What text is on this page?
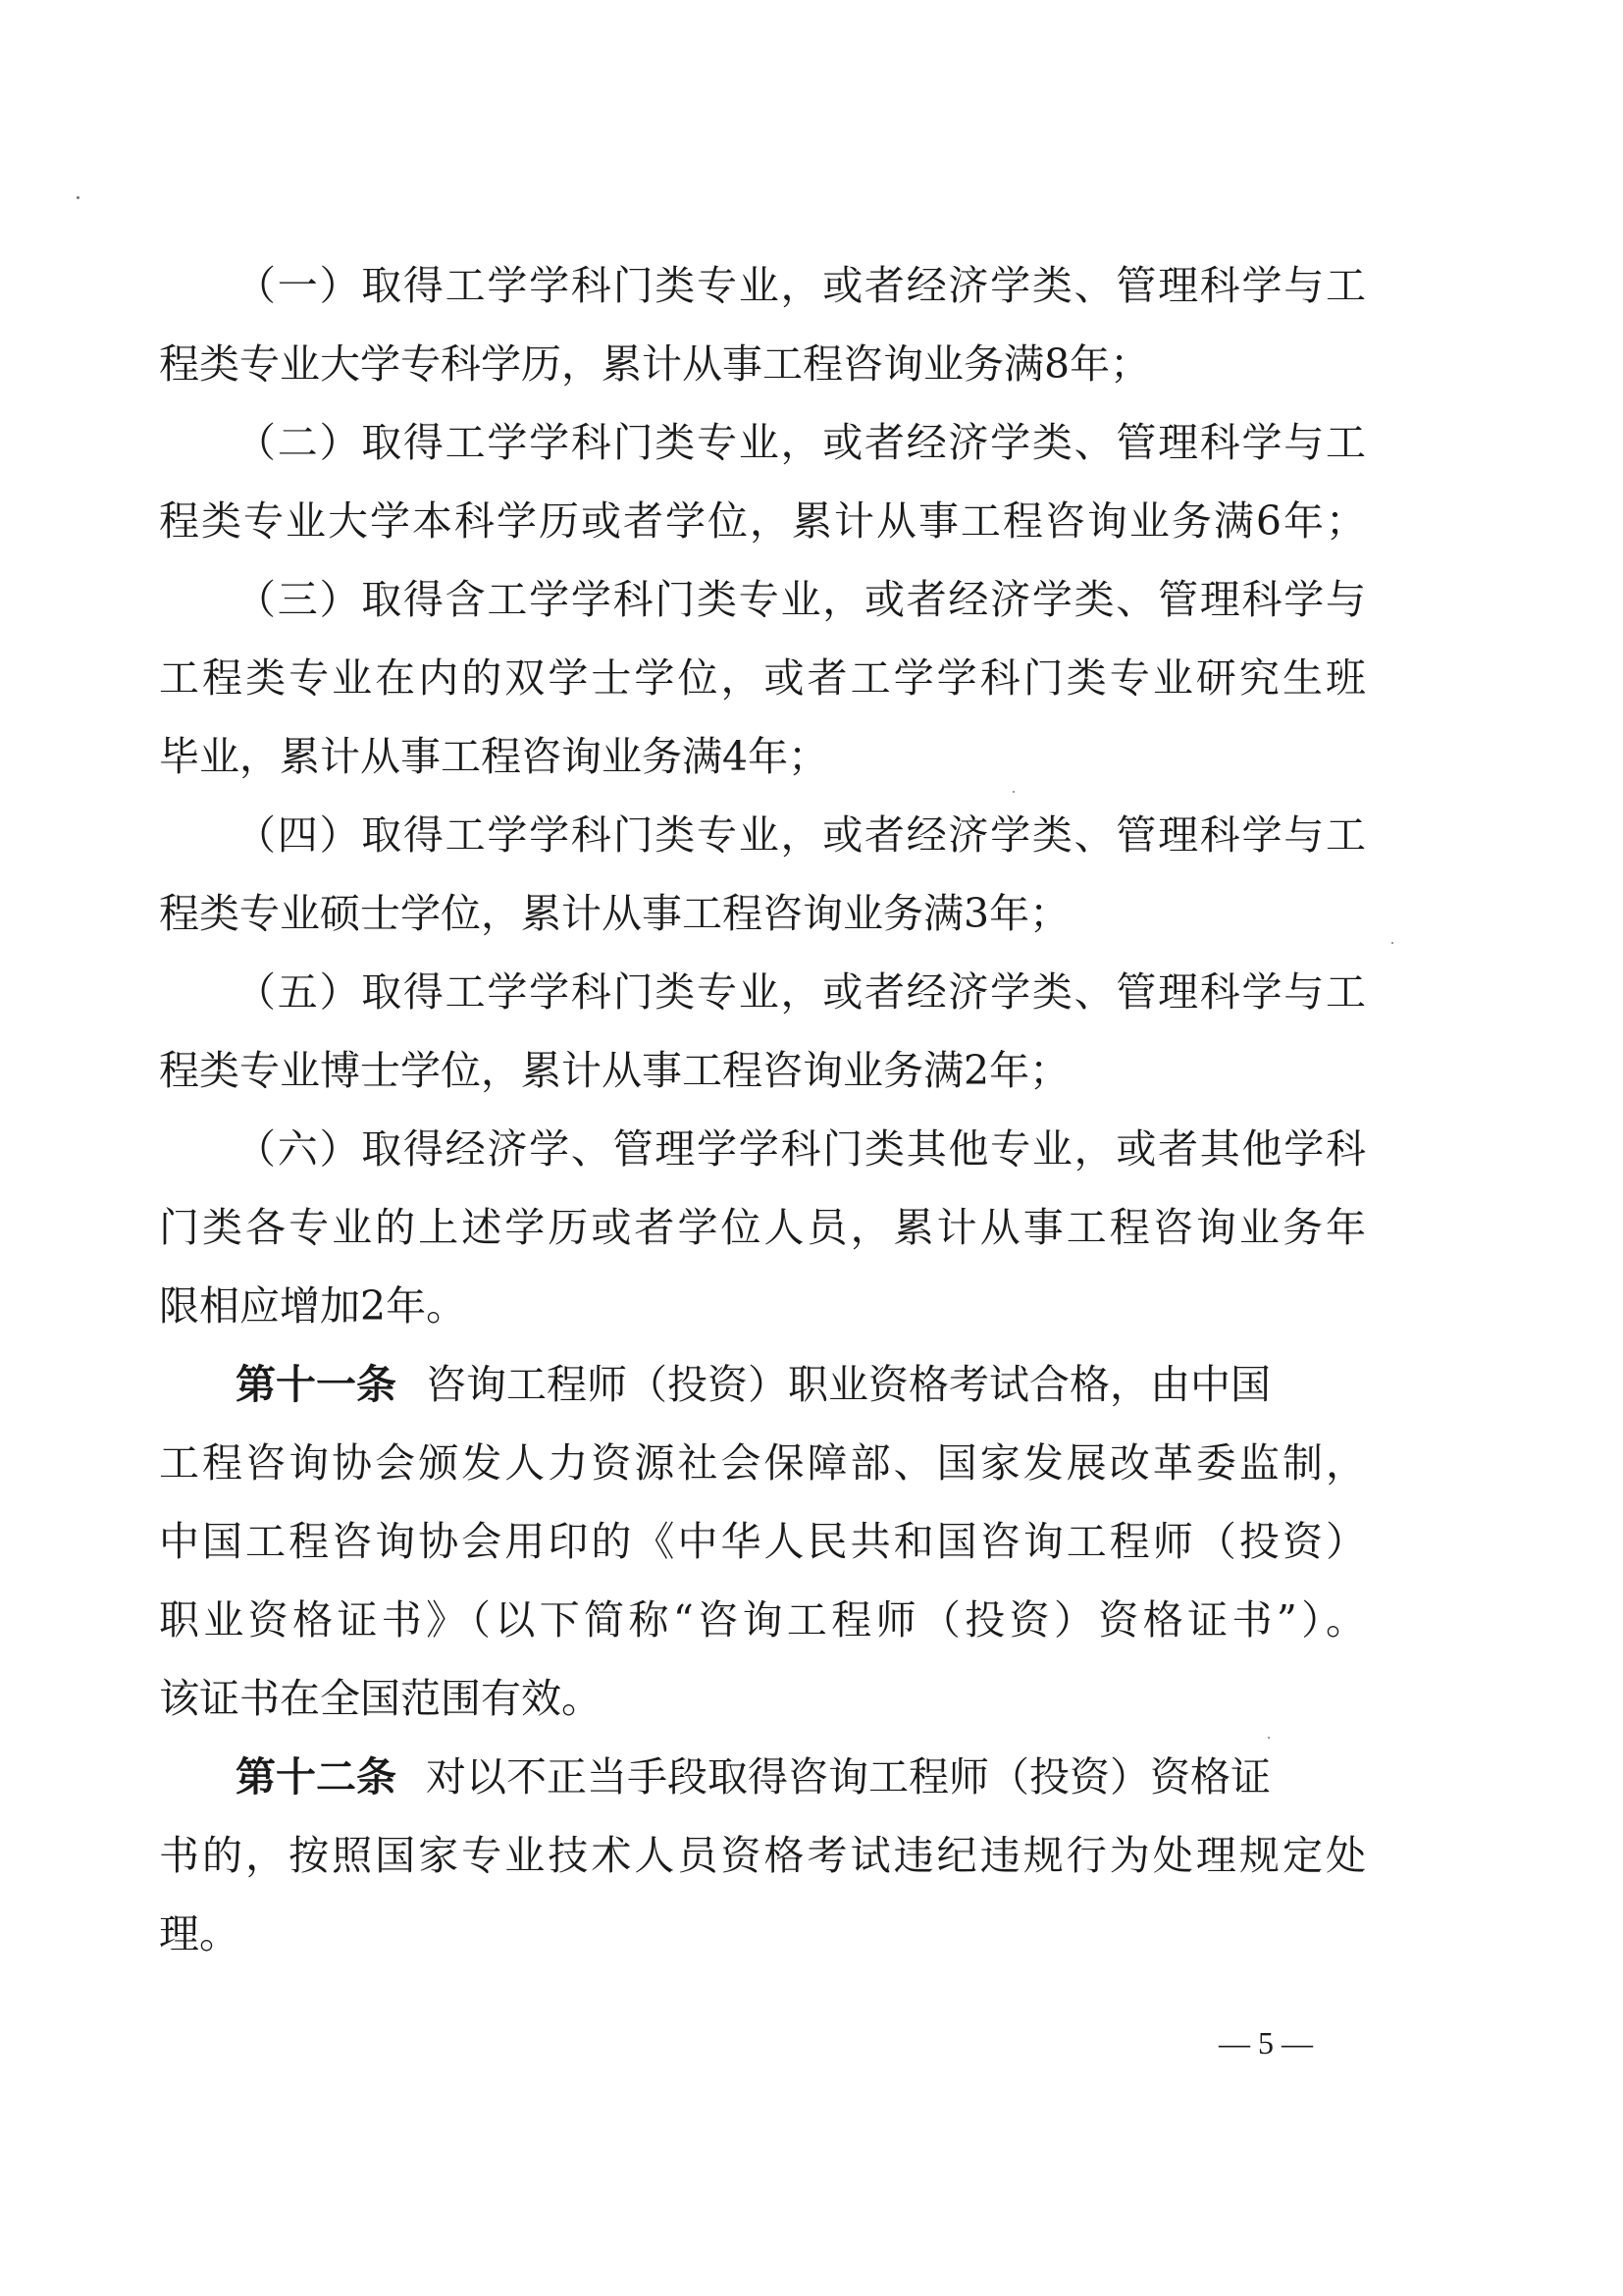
（一）取得工学学科门类专业，或者经济学类、管理科学与工
程类专业大学专科学历，累计从事工程咨询业务满8年；
（二）取得工学学科门类专业，或者经济学类、管理科学与工
程类专业大学本科学历或者学位，累计从事工程咨询业务满6年；
（三）取得含工学学科门类专业，或者经济学类、管理科学与
工程类专业在内的双学士学位，或者工学学科门类专业研究生班
毕业，累计从事工程咨询业务满4年；
（四）取得工学学科门类专业，或者经济学类、管理科学与工
程类专业硕士学位，累计从事工程咨询业务满3年；
（五）取得工学学科门类专业，或者经济学类、管理科学与工
程类专业博士学位，累计从事工程咨询业务满2年；
（六）取得经济学、管理学学科门类其他专业，或者其他学科
门类各专业的上述学历或者学位人员，累计从事工程咨询业务年
限相应增加2年。
第十一条 咨询工程师（投资）职业资格考试合格，由中国
工程咨询协会颁发人力资源社会保障部、国家发展改革委监制，
中国工程咨询协会用印的《中华人民共和国咨询工程师（投资）
职业资格证书》（以下简称“咨询工程师（投资）资格证书”）。
该证书在全国范围有效。
第十二条 对以不正当手段取得咨询工程师（投资）资格证
书的，按照国家专业技术人员资格考试违纪违规行为处理规定处
理。
— 5 —
